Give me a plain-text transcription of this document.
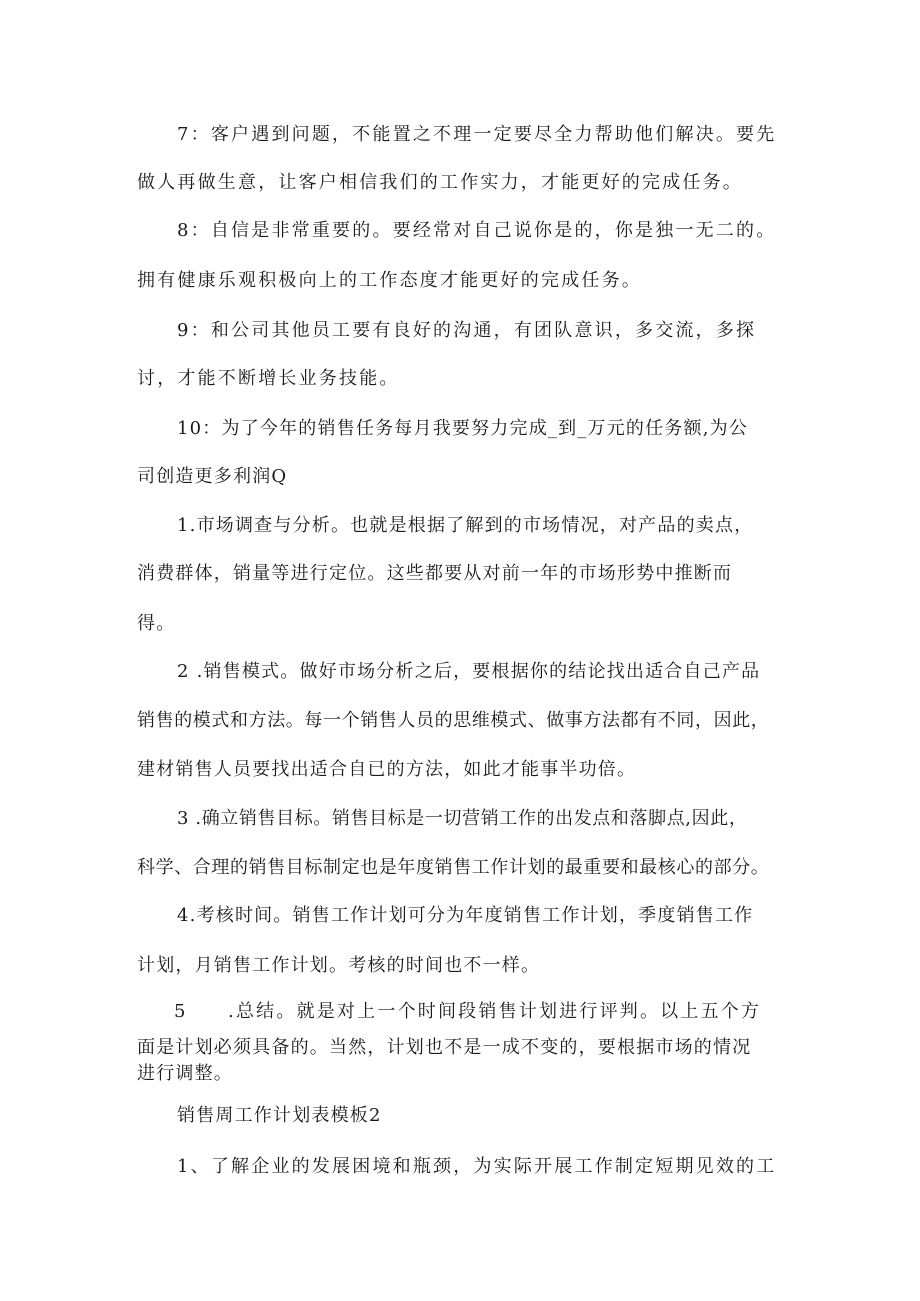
7：客户遇到问题，不能置之不理一定要尽全力帮助他们解决。要先
做人再做生意，让客户相信我们的工作实力，才能更好的完成任务。
8：自信是非常重要的。要经常对自己说你是的，你是独一无二的。
拥有健康乐观积极向上的工作态度才能更好的完成任务。
9：和公司其他员工要有良好的沟通，有团队意识，多交流，多探
讨，才能不断增长业务技能。
10：为了今年的销售任务每月我要努力完成_到_万元的任务额,为公
司创造更多利润Q
1.市场调查与分析。也就是根据了解到的市场情况，对产品的卖点，
消费群体，销量等进行定位。这些都要从对前一年的市场形势中推断而
得。
2 .销售模式。做好市场分析之后，要根据你的结论找出适合自己产品
销售的模式和方法。每一个销售人员的思维模式、做事方法都有不同，因此，
建材销售人员要找出适合自已的方法，如此才能事半功倍。
3 .确立销售目标。销售目标是一切营销工作的出发点和落脚点,因此，
科学、合理的销售目标制定也是年度销售工作计划的最重要和最核心的部分。
4.考核时间。销售工作计划可分为年度销售工作计划，季度销售工作
计划，月销售工作计划。考核的时间也不一样。
5　　.总结。就是对上一个时间段销售计划进行评判。以上五个方
面是计划必须具备的。当然，计划也不是一成不变的，要根据市场的情况
进行调整。
销售周工作计划表模板2
1、了解企业的发展困境和瓶颈，为实际开展工作制定短期见效的工
